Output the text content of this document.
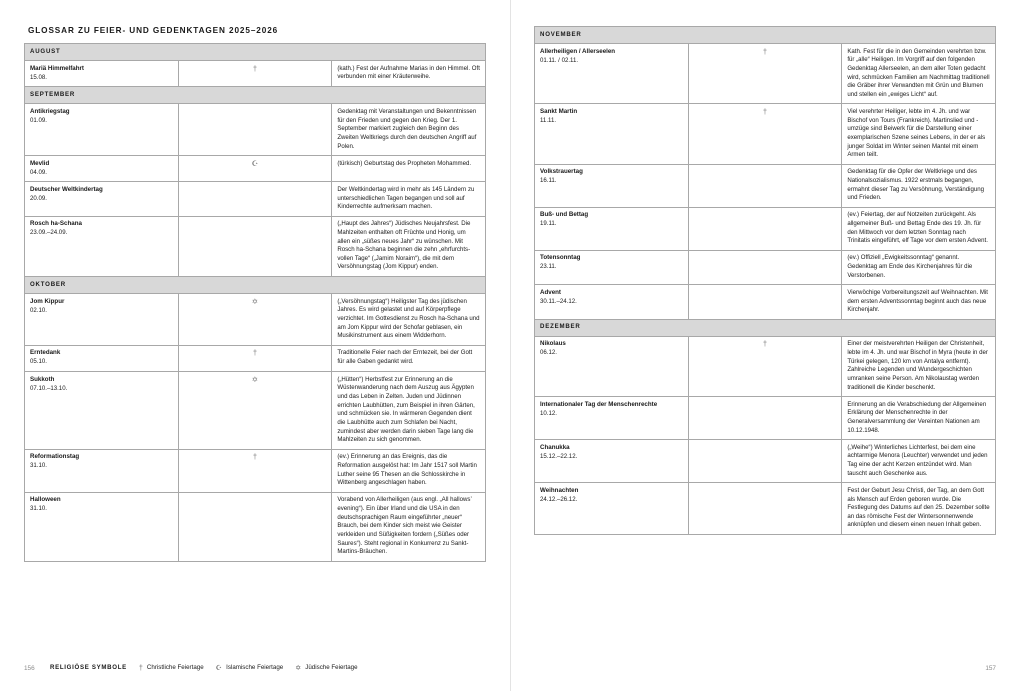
GLOSSAR ZU FEIER- UND GEDENKTAGEN 2025–2026
AUGUST		

Mariä Himmelfahrt
15.08.	†	(kath.) Fest der Aufnahme Marias in den Himmel. Oft verbunden mit einer Kräuterweihe.
SEPTEMBER		

Antikriegstag
01.09.		Gedenktag mit Veranstaltungen und Bekenntnissen für den Frieden und gegen den Krieg. Der 1. September markiert zugleich den Beginn des Zweiten Weltkriegs durch den deutschen Angriff auf Polen.

Mevlid
04.09.	☪	(türkisch) Geburtstag des Propheten Mohammed.

Deutscher Weltkindertag
20.09.		Der Weltkindertag wird in mehr als 145 Ländern zu unterschiedlichen Tagen begangen und soll auf Kinderrechte aufmerksam machen.

Rosch ha-Schana
23.09.–24.09.		(„Haupt des Jahres“) Jüdisches Neujahrsfest. Die Mahlzeiten enthalten oft Früchte und Honig, um allen ein „süßes neues Jahr“ zu wünschen. Mit Rosch ha-Schana beginnen die zehn „ehrfurchtsvollen Tage“ („Jamim Noraim“), die mit dem Versöhnungstag (Jom Kippur) enden.
OKTOBER		

Jom Kippur
02.10.	✡	(„Versöhnungstag“) Heiligster Tag des jüdischen Jahres. Es wird gelastet und auf Körperpflege verzichtet. Im Gottesdienst zu Rosch ha-Schana und am Jom Kippur wird der Schofar geblasen, ein Musikinstrument aus einem Widderhorn.

Erntedank
05.10.	†	Traditionelle Feier nach der Erntezeit, bei der Gott für alle Gaben gedankt wird.

Sukkoth
07.10.–13.10.	✡	(„Hütten“) Herbstfest zur Erinnerung an die Wüstenwanderung nach dem Auszug aus Ägypten und das Leben in Zelten. Juden und Jüdinnen errichten Laubhütten, zum Beispiel in ihren Gärten, und schmücken sie. In wärmeren Gegenden dient die Laubhütte auch zum Schlafen bei Nacht, zumindest aber werden darin sieben Tage lang die Mahlzeiten zu sich genommen.

Reformationstag
31.10.	†	(ev.) Erinnerung an das Ereignis, das die Reformation ausgelöst hat: Im Jahr 1517 soll Martin Luther seine 95 Thesen an die Schlosskirche in Wittenberg angeschlagen haben.

Halloween
31.10.		Vorabend von Allerheiligen (aus engl. „All hallows’ evening“). Ein über Irland und die USA in den deutschsprachigen Raum eingeführter „neuer“ Brauch, bei dem Kinder sich meist wie Geister verkleiden und Süßigkeiten fordern („Süßes oder Saures“). Steht regional in Konkurrenz zu Sankt-Martins-Bräuchen.
NOVEMBER		

Allerheiligen / Allerseelen
01.11. / 02.11.	†	Kath. Fest für die in den Gemeinden verehrten bzw. für „alle“ Heiligen. Im Vorgriff auf den folgenden Gedenktag Allerseelen, an dem aller Toten gedacht wird, schmücken Familien am Nachmittag traditionell die Gräber ihrer Verwandten mit Grün und Blumen und stellen ein „ewiges Licht“ auf.

Sankt Martin
11.11.	†	Viel verehrter Heiliger, lebte im 4. Jh. und war Bischof von Tours (Frankreich). Martinslied und -umzüge sind Beiwerk für die Darstellung einer exemplarischen Szene seines Lebens, in der er als junger Soldat im Winter seinen Mantel mit einem Armen teilt.

Volkstrauertag
16.11.		Gedenktag für die Opfer der Weltkriege und des Nationalsozialismus. 1922 erstmals begangen, ermahnt dieser Tag zu Versöhnung, Verständigung und Frieden.

Buß- und Bettag
19.11.		(ev.) Feiertag, der auf Notzeiten zurückgeht. Als allgemeiner Buß- und Bettag Ende des 19. Jh. für den Mittwoch vor dem letzten Sonntag nach Trinitatis eingeführt, elf Tage vor dem ersten Advent.

Totensonntag
23.11.		(ev.) Offiziell „Ewigkeitssonntag“ genannt. Gedenktag am Ende des Kirchenjahres für die Verstorbenen.

Advent
30.11.–24.12.		Vierwöchige Vorbereitungszeit auf Weihnachten. Mit dem ersten Adventssonntag beginnt auch das neue Kirchenjahr.
DEZEMBER		

Nikolaus
06.12.	†	Einer der meistverehrten Heiligen der Christenheit, lebte im 4. Jh. und war Bischof in Myra (heute in der Türkei gelegen, 120 km von Antalya entfernt). Zahlreiche Legenden und Wundergeschichten umranken seine Person. Am Nikolaustag werden traditionell die Kinder beschenkt.

Internationaler Tag der Menschenrechte
10.12.		Erinnerung an die Verabschiedung der Allgemeinen Erklärung der Menschenrechte in der Generalversammlung der Vereinten Nationen am 10.12.1948.

Chanukka
15.12.–22.12.		(„Weihe“) Winterliches Lichterfest, bei dem eine achtarmige Menora (Leuchter) verwendet und jeden Tag eine der acht Kerzen entzündet wird. Man tauscht auch Geschenke aus.

Weihnachten
24.12.–26.12.		Fest der Geburt Jesu Christi, der Tag, an dem Gott als Mensch auf Erden geboren wurde. Die Festlegung des Datums auf den 25. Dezember sollte an das römische Fest der Wintersonnenwende anknüpfen und diesem einen neuen Inhalt geben.
156	RELIGIÖSE SYMBOLE † Christliche Feiertage ☪ Islamische Feiertage ✡ Jüdische Feiertage	157
